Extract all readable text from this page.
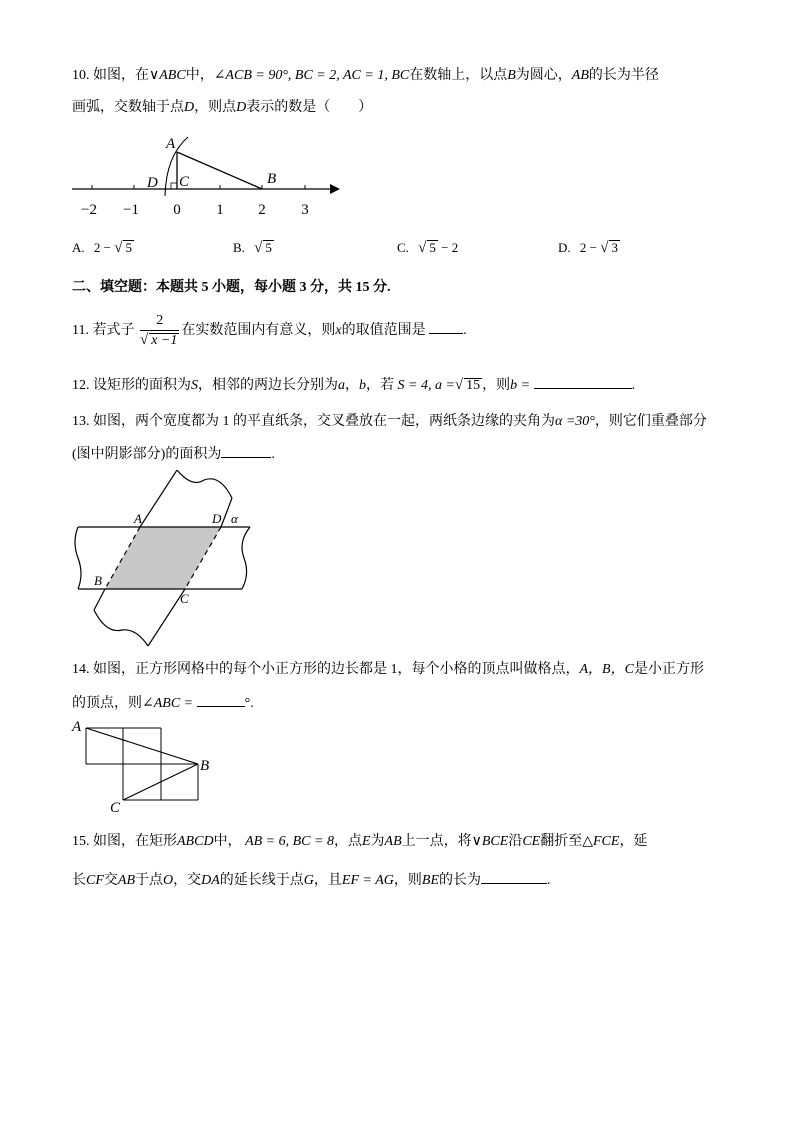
10. 如图，在∨ABC中，∠ACB = 90°, BC = 2, AC = 1, BC在数轴上，以点B为圆心，AB的长为半径
画弧，交数轴于点D，则点D表示的数是（　　）
A
B
C
D
−2 −1 0 1 2 3
A. 2 − √ 5	B. √ 5	C. √ 5 − 2	D. 2 − √ 3
二、填空题：本题共 5 小题，每小题 3 分，共 15 分.
11. 若式子 $\frac{2}{√ x -1}$ 在实数范围内有意义，则x的取值范围是	.
12. 设矩形的面积为S，相邻的两边长分别为a，b，若 S = 4, a =√ 15 ，则b =	.
13. 如图，两个宽度都为 1 的平直纸条，交叉叠放在一起，两纸条边缘的夹角为α =30°，则它们重叠部分
(图中阴影部分)的面积为	.
A	D α
B
C
14. 如图，正方形网格中的每个小正方形的边长都是 1，每个小格的顶点叫做格点，A，B，C是小正方形
的顶点，则∠ABC =	°.
A
B
C
15. 如图，在矩形ABCD中， AB = 6, BC = 8，点E为AB上一点，将∨BCE沿CE翻折至△FCE，延
长CF交AB于点O，交DA的延长线于点G，且EF = AG，则BE的长为	.
